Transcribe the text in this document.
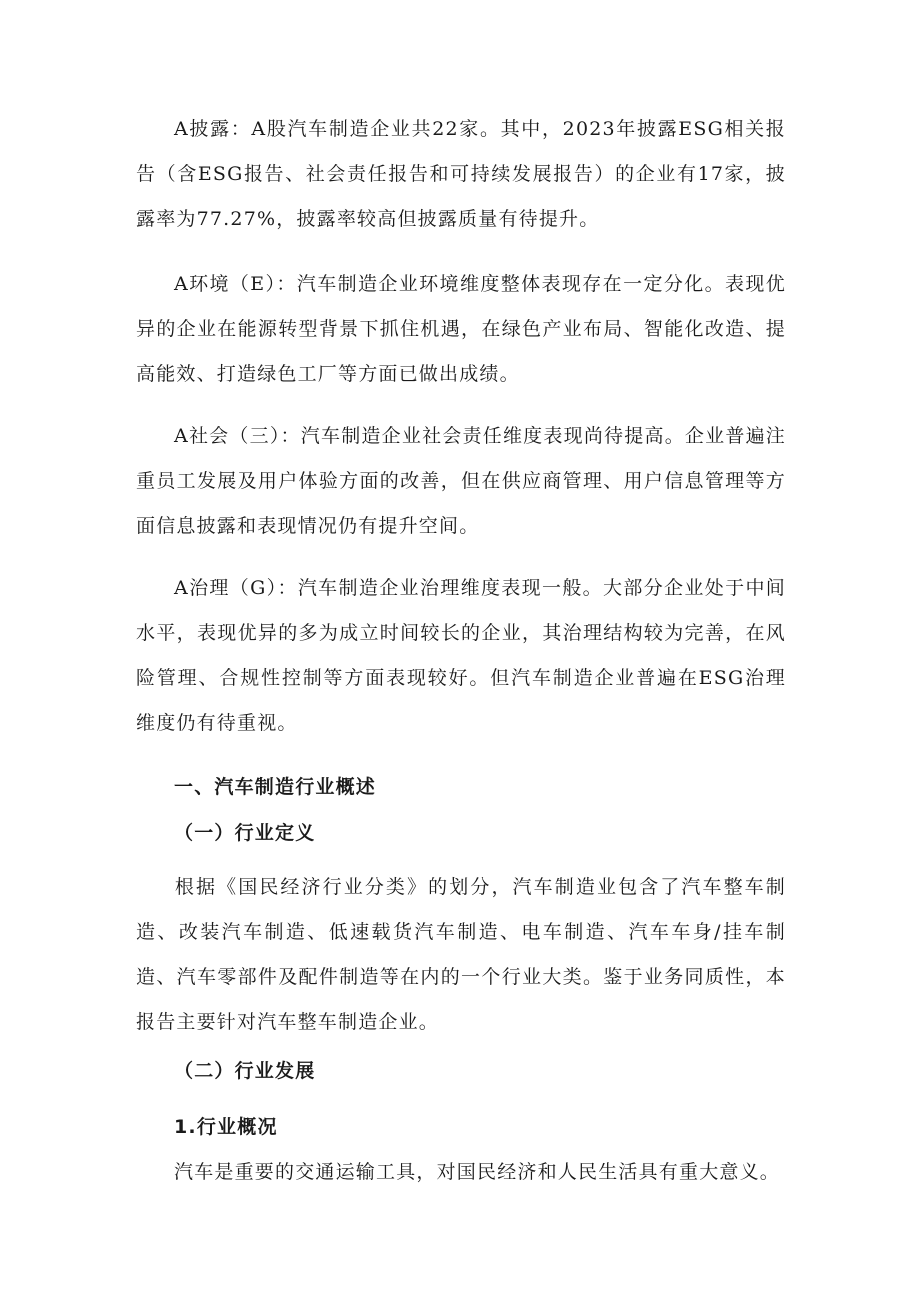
A披露：A股汽车制造企业共22家。其中，2023年披露ESG相关报告（含ESG报告、社会责任报告和可持续发展报告）的企业有17家，披露率为77.27%，披露率较高但披露质量有待提升。

A环境（E）：汽车制造企业环境维度整体表现存在一定分化。表现优异的企业在能源转型背景下抓住机遇，在绿色产业布局、智能化改造、提高能效、打造绿色工厂等方面已做出成绩。

A社会（三）：汽车制造企业社会责任维度表现尚待提高。企业普遍注重员工发展及用户体验方面的改善，但在供应商管理、用户信息管理等方面信息披露和表现情况仍有提升空间。

A治理（G）：汽车制造企业治理维度表现一般。大部分企业处于中间水平，表现优异的多为成立时间较长的企业，其治理结构较为完善，在风险管理、合规性控制等方面表现较好。但汽车制造企业普遍在ESG治理维度仍有待重视。

一、汽车制造行业概述
（一）行业定义

根据《国民经济行业分类》的划分，汽车制造业包含了汽车整车制造、改装汽车制造、低速载货汽车制造、电车制造、汽车车身/挂车制造、汽车零部件及配件制造等在内的一个行业大类。鉴于业务同质性，本报告主要针对汽车整车制造企业。

（二）行业发展
1.行业概况

汽车是重要的交通运输工具，对国民经济和人民生活具有重大意义。
